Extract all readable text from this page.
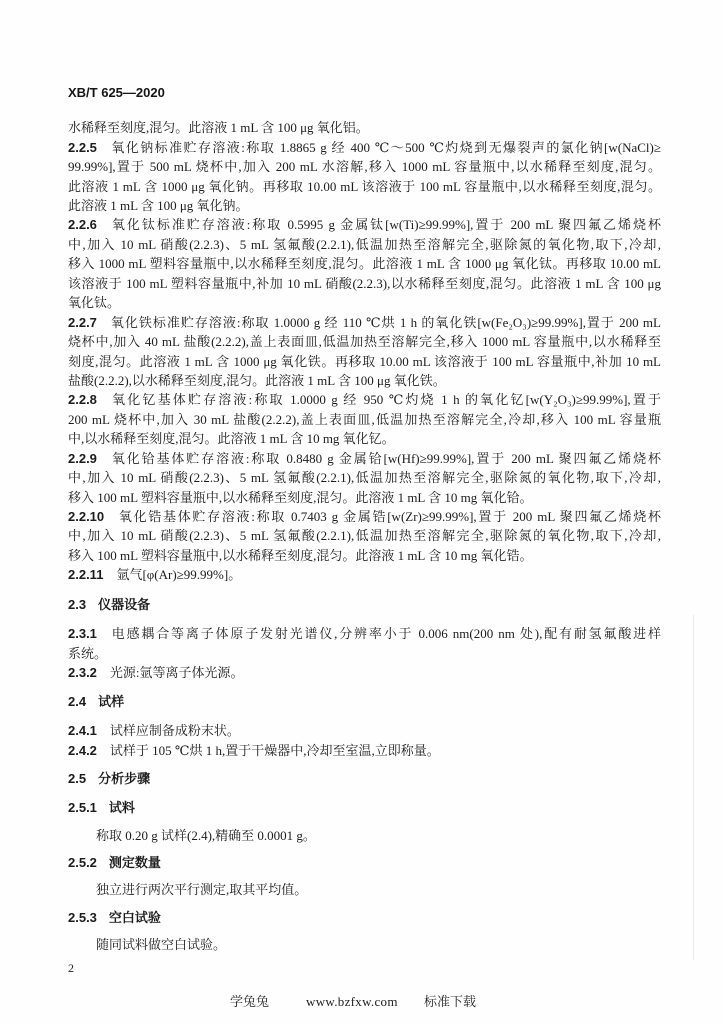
XB/T 625—2020
水稀释至刻度,混匀。此溶液 1 mL 含 100 μg 氧化铝。
2.2.5 氧化钠标准贮存溶液:称取 1.8865 g 经 400 ℃～500 ℃灼烧到无爆裂声的氯化钠[w(NaCl)≥
99.99%],置于 500 mL 烧杯中,加入 200 mL 水溶解,移入 1000 mL 容量瓶中,以水稀释至刻度,混匀。
此溶液 1 mL 含 1000 μg 氧化钠。再移取 10.00 mL 该溶液于 100 mL 容量瓶中,以水稀释至刻度,混匀。
此溶液 1 mL 含 100 μg 氧化钠。
2.2.6 氧化钛标准贮存溶液:称取 0.5995 g 金属钛[w(Ti)≥99.99%],置于 200 mL 聚四氟乙烯烧杯
中,加入 10 mL 硝酸(2.2.3)、5 mL 氢氟酸(2.2.1),低温加热至溶解完全,驱除氮的氧化物,取下,冷却,
移入 1000 mL 塑料容量瓶中,以水稀释至刻度,混匀。此溶液 1 mL 含 1000 μg 氧化钛。再移取 10.00 mL
该溶液于 100 mL 塑料容量瓶中,补加 10 mL 硝酸(2.2.3),以水稀释至刻度,混匀。此溶液 1 mL 含 100 μg
氧化钛。
2.2.7 氧化铁标准贮存溶液:称取 1.0000 g 经 110 ℃烘 1 h 的氧化铁[w(Fe₂O₃)≥99.99%],置于 200 mL
烧杯中,加入 40 mL 盐酸(2.2.2),盖上表面皿,低温加热至溶解完全,移入 1000 mL 容量瓶中,以水稀释至
刻度,混匀。此溶液 1 mL 含 1000 μg 氧化铁。再移取 10.00 mL 该溶液于 100 mL 容量瓶中,补加 10 mL
盐酸(2.2.2),以水稀释至刻度,混匀。此溶液 1 mL 含 100 μg 氧化铁。
2.2.8 氧化钇基体贮存溶液:称取 1.0000 g 经 950 ℃灼烧 1 h 的氧化钇[w(Y₂O₃)≥99.99%],置于
200 mL 烧杯中,加入 30 mL 盐酸(2.2.2),盖上表面皿,低温加热至溶解完全,冷却,移入 100 mL 容量瓶
中,以水稀释至刻度,混匀。此溶液 1 mL 含 10 mg 氧化钇。
2.2.9 氧化铪基体贮存溶液:称取 0.8480 g 金属铪[w(Hf)≥99.99%],置于 200 mL 聚四氟乙烯烧杯
中,加入 10 mL 硝酸(2.2.3)、5 mL 氢氟酸(2.2.1),低温加热至溶解完全,驱除氮的氧化物,取下,冷却,
移入 100 mL 塑料容量瓶中,以水稀释至刻度,混匀。此溶液 1 mL 含 10 mg 氧化铪。
2.2.10 氧化锆基体贮存溶液:称取 0.7403 g 金属锆[w(Zr)≥99.99%],置于 200 mL 聚四氟乙烯烧杯
中,加入 10 mL 硝酸(2.2.3)、5 mL 氢氟酸(2.2.1),低温加热至溶解完全,驱除氮的氧化物,取下,冷却,
移入 100 mL 塑料容量瓶中,以水稀释至刻度,混匀。此溶液 1 mL 含 10 mg 氧化锆。
2.2.11 氩气[φ(Ar)≥99.99%]。
2.3 仪器设备
2.3.1 电感耦合等离子体原子发射光谱仪,分辨率小于 0.006 nm(200 nm 处),配有耐氢氟酸进样
系统。
2.3.2 光源:氩等离子体光源。
2.4 试样
2.4.1 试样应制备成粉末状。
2.4.2 试样于 105 ℃烘 1 h,置于干燥器中,冷却至室温,立即称量。
2.5 分析步骤
2.5.1 试料
称取 0.20 g 试样(2.4),精确至 0.0001 g。
2.5.2 测定数量
独立进行两次平行测定,取其平均值。
2.5.3 空白试验
随同试料做空白试验。
2
学兔兔	www.bzfxw.com 标准下载
